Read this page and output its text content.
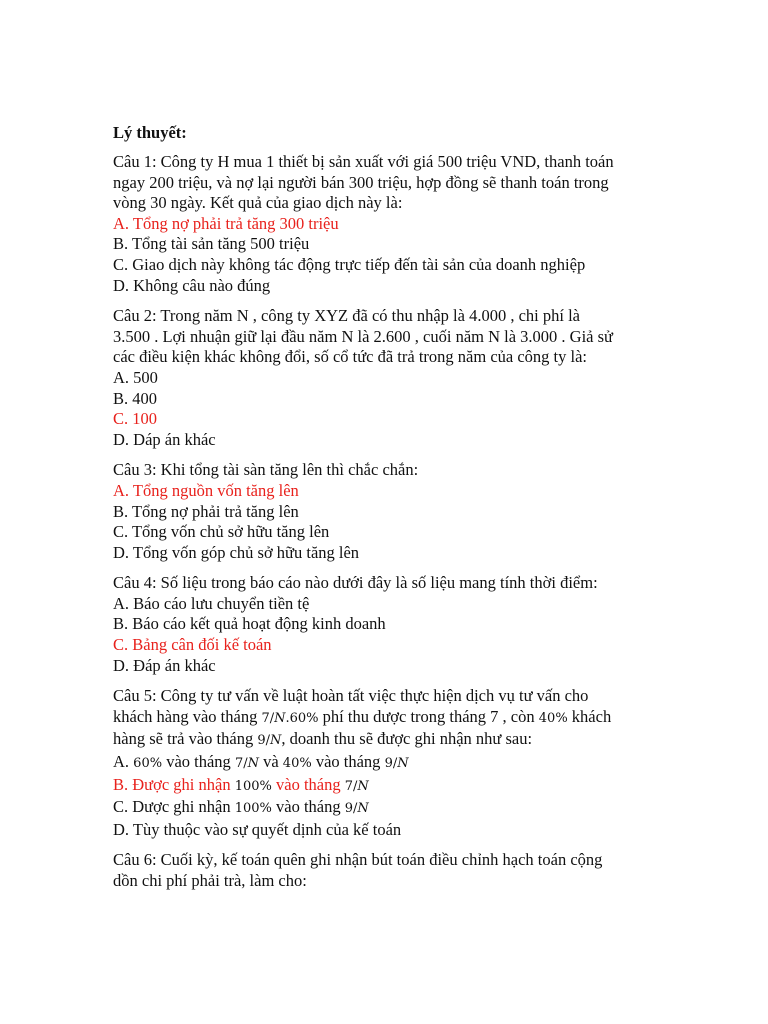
Lý thuyết:
Câu 1: Công ty H mua 1 thiết bị sản xuất với giá 500 triệu VND, thanh toán
ngay 200 triệu, và nợ lại người bán 300 triệu, hợp đồng sẽ thanh toán trong
vòng 30 ngày. Kết quả của giao dịch này là:
A. Tổng nợ phải trả tăng 300 triệu
B. Tổng tài sản tăng 500 triệu
C. Giao dịch này không tác động trực tiếp đến tài sản của doanh nghiệp
D. Không câu nào đúng
Câu 2: Trong năm N , công ty XYZ đã có thu nhập là 4.000 , chi phí là
3.500 . Lợi nhuận giữ lại đầu năm N là 2.600 , cuối năm N là 3.000 . Giả sử
các điều kiện khác không đổi, số cổ tức đã trả trong năm của công ty là:
A. 500
B. 400
C. 100
D. Dáp án khác
Câu 3: Khi tổng tài sàn tăng lên thì chắc chắn:
A. Tổng nguồn vốn tăng lên
B. Tổng nợ phải trả tăng lên
C. Tổng vốn chủ sở hữu tăng lên
D. Tổng vốn góp chủ sở hữu tăng lên
Câu 4: Số liệu trong báo cáo nào dưới đây là số liệu mang tính thời điểm:
A. Báo cáo lưu chuyển tiền tệ
B. Báo cáo kết quả hoạt động kinh doanh
C. Bảng cân đối kế toán
D. Đáp án khác
Câu 5: Công ty tư vấn về luật hoàn tất việc thực hiện dịch vụ tư vấn cho
khách hàng vào tháng 7/N.60% phí thu dược trong tháng 7 , còn 40% khách
hàng sẽ trả vào tháng 9/N, doanh thu sẽ được ghi nhận như sau:
A. 60% vào tháng 7/N và 40% vào tháng 9/N
B. Được ghi nhận 100% vào tháng 7/N
C. Dược ghi nhận 100% vào tháng 9/N
D. Tùy thuộc vào sự quyết dịnh của kế toán
Câu 6: Cuối kỳ, kế toán quên ghi nhận bút toán điều chỉnh hạch toán cộng
dồn chi phí phải trà, làm cho:
